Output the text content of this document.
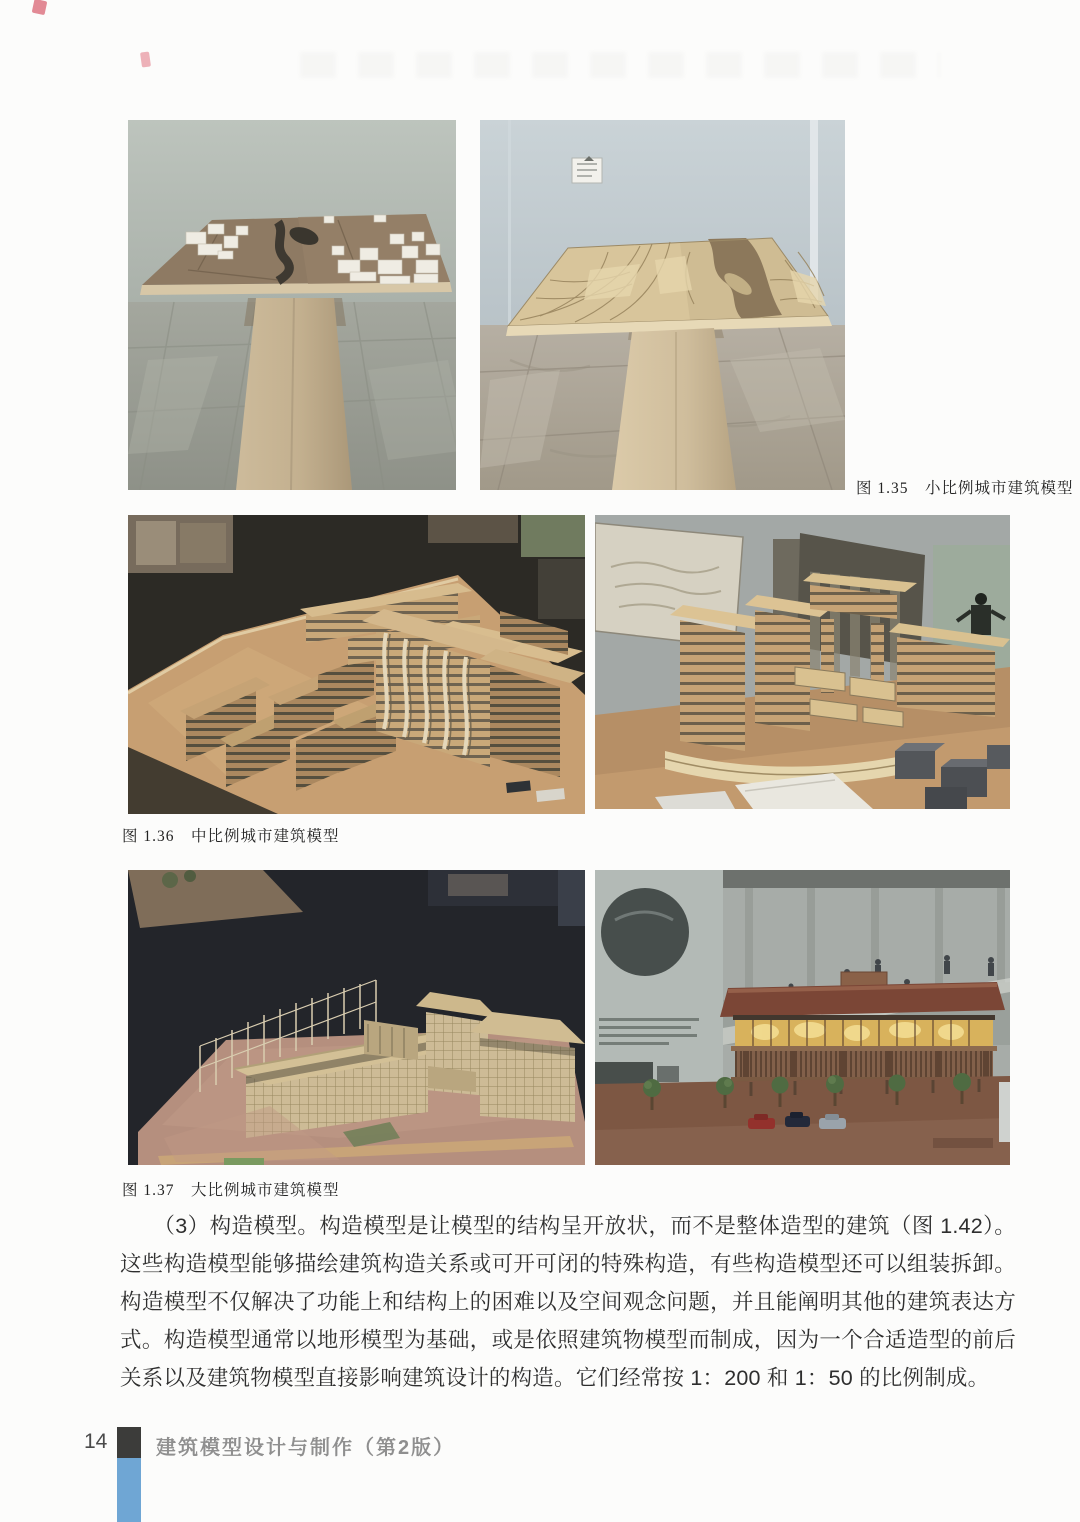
图 1.35　小比例城市建筑模型
图 1.36　中比例城市建筑模型
图 1.37　大比例城市建筑模型
（3）构造模型。构造模型是让模型的结构呈开放状，而不是整体造型的建筑（图 1.42）。这些构造模型能够描绘建筑构造关系或可开可闭的特殊构造，有些构造模型还可以组装拆卸。构造模型不仅解决了功能上和结构上的困难以及空间观念问题，并且能阐明其他的建筑表达方式。构造模型通常以地形模型为基础，或是依照建筑物模型而制成，因为一个合适造型的前后关系以及建筑物模型直接影响建筑设计的构造。它们经常按 1：200 和 1：50 的比例制成。
14 建筑模型设计与制作（第2版）
